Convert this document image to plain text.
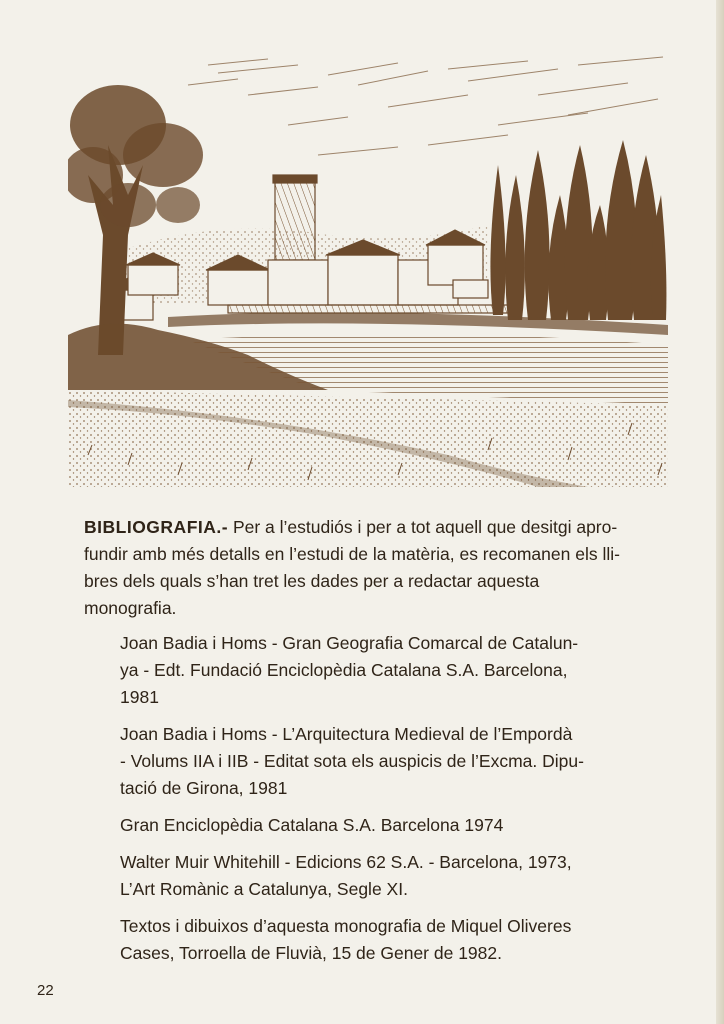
BIBLIOGRAFIA.- Per a l’estudiós i per a tot aquell que desitgi apro-
fundir amb més detalls en l’estudi de la matèria, es recomanen els lli-
bres dels quals s’han tret les dades per a redactar aquesta
monografia.

Joan Badia i Homs - Gran Geografia Comarcal de Catalun-
ya - Edt. Fundació Enciclopèdia Catalana S.A. Barcelona,
1981
Joan Badia i Homs - L’Arquitectura Medieval de l’Empordà
- Volums IIA i IIB - Editat sota els auspicis de l’Excma. Dipu-
tació de Girona, 1981
Gran Enciclopèdia Catalana S.A. Barcelona 1974
Walter Muir Whitehill - Edicions 62 S.A. - Barcelona, 1973,
L’Art Romànic a Catalunya, Segle XI.
Textos i dibuixos d’aquesta monografia de Miquel Oliveres
Cases, Torroella de Fluvià, 15 de Gener de 1982.
22
